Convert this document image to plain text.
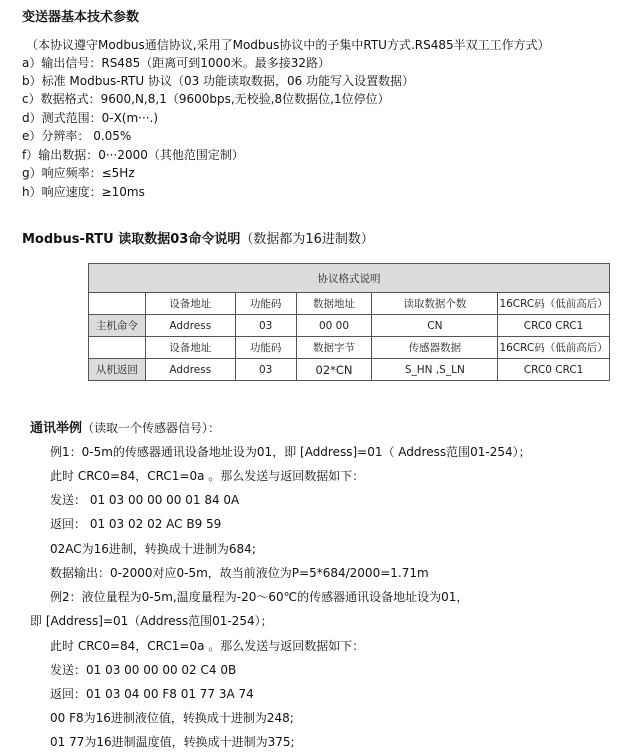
变送器基本技术参数
（本协议遵守Modbus通信协议,采用了Modbus协议中的子集中RTU方式.RS485半双工工作方式）
a）输出信号：RS485（距离可到1000米。最多接32路）
b）标准 Modbus-RTU 协议（03 功能读取数据，06 功能写入设置数据）
c）数据格式：9600,N,8,1（9600bps,无校验,8位数据位,1位停位）
d）测式范围：0-X(m···.)
e）分辨率： 0.05%
f）输出数据：0···2000（其他范围定制）
g）响应频率：≤5Hz
h）响应速度：≥10ms
Modbus-RTU 读取数据03命令说明（数据都为16进制数）
协议格式说明					
	设备地址	功能码	数据地址	读取数据个数	16CRC码（低前高后）
主机命令	Address	03	00 00	CN	CRC0 CRC1
	设备地址	功能码	数据字节	传感器数据	16CRC码（低前高后）
从机返回	Address	03	02*CN	S_HN ,S_LN	CRC0 CRC1
通讯举例（读取一个传感器信号）：
例1：0-5m的传感器通讯设备地址设为01，即 [Address]=01（ Address范围01-254）；
此时 CRC0=84，CRC1=0a 。那么发送与返回数据如下：
发送： 01 03 00 00 00 01 84 0A
返回： 01 03 02 02 AC B9 59
02AC为16进制，转换成十进制为684;
数据输出：0-2000对应0-5m，故当前液位为P=5*684/2000=1.71m
例2：液位量程为0-5m,温度量程为-20～60℃的传感器通讯设备地址设为01，
即 [Address]=01（Address范围01-254）；
此时 CRC0=84，CRC1=0a 。那么发送与返回数据如下：
发送：01 03 00 00 00 02 C4 0B
返回：01 03 04 00 F8 01 77 3A 74
00 F8为16进制液位值，转换成十进制为248;
01 77为16进制温度值，转换成十进制为375;
